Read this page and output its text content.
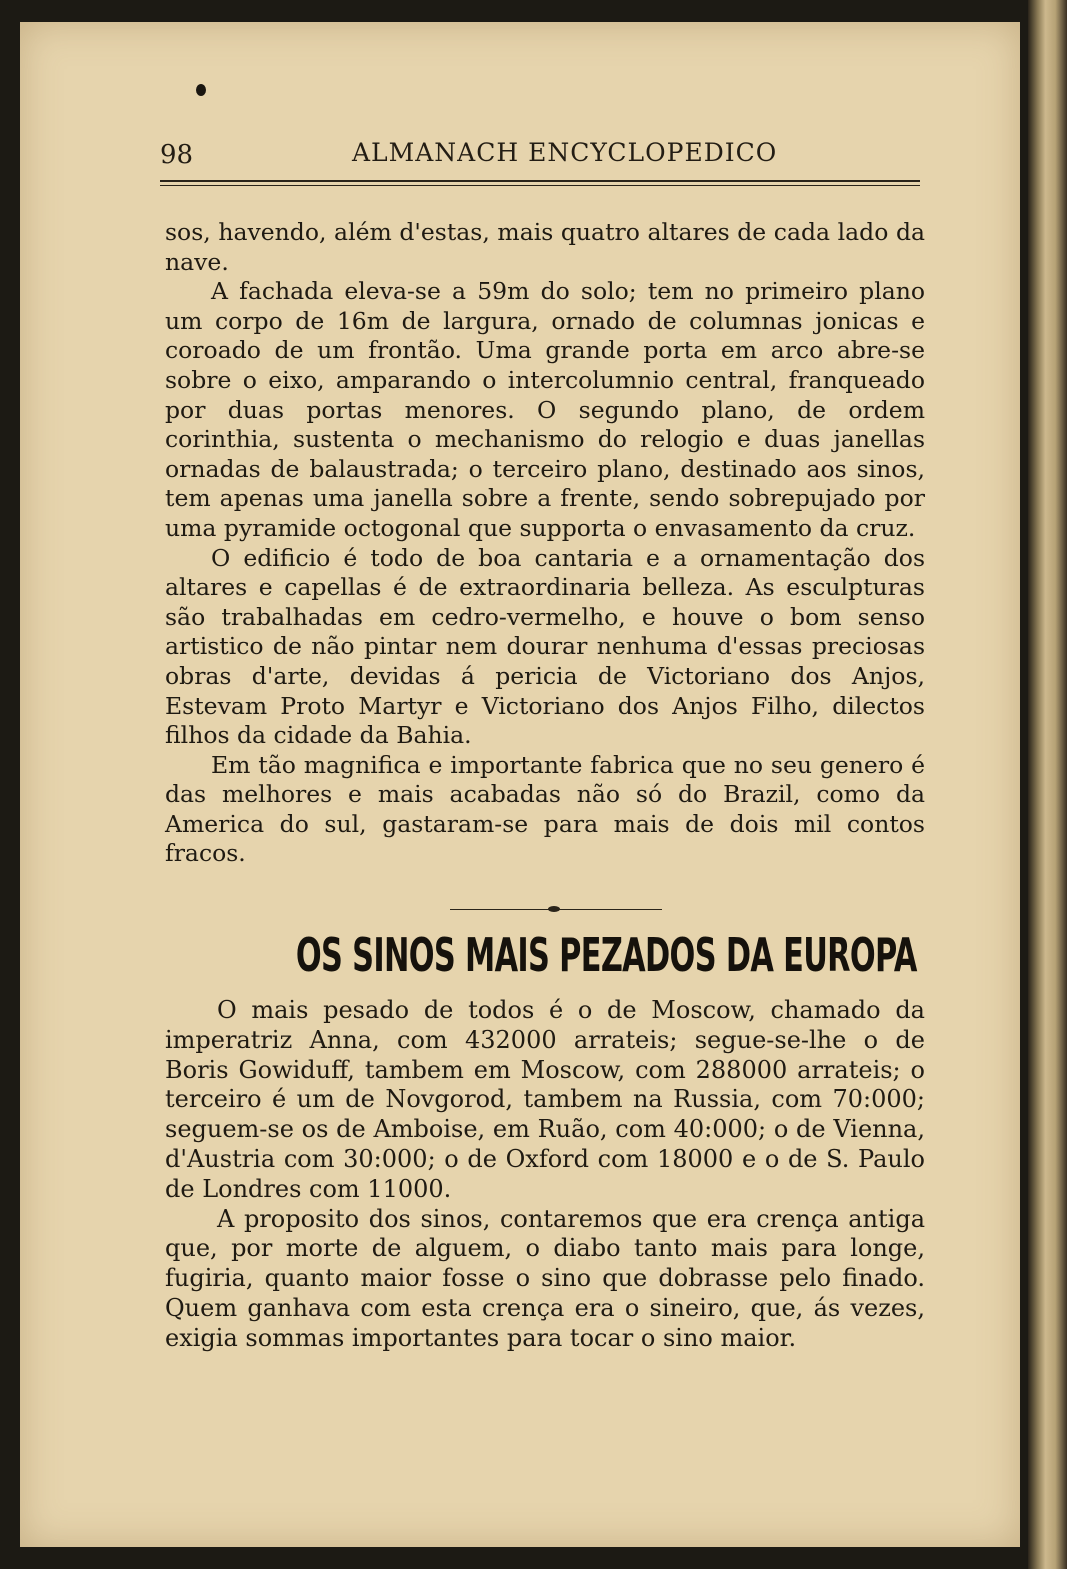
98	ALMANACH ENCYCLOPEDICO

sos, havendo, além d'estas, mais quatro altares de cada lado da nave.

A fachada eleva-se a 59m do solo; tem no primeiro plano um corpo de 16m de largura, ornado de columnas jonicas e coroado de um frontão. Uma grande porta em arco abre-se sobre o eixo, amparando o intercolumnio central, franqueado por duas portas menores. O segundo plano, de ordem corinthia, sustenta o mechanismo do relogio e duas janellas ornadas de balaustrada; o terceiro plano, destinado aos sinos, tem apenas uma janella sobre a frente, sendo sobrepujado por uma pyramide octogonal que supporta o envasamento da cruz.

O edificio é todo de boa cantaria e a ornamentação dos altares e capellas é de extraordinaria belleza. As esculpturas são trabalhadas em cedro-vermelho, e houve o bom senso artistico de não pintar nem dourar nenhuma d'essas preciosas obras d'arte, devidas á pericia de Victoriano dos Anjos, Estevam Proto Martyr e Victoriano dos Anjos Filho, dilectos filhos da cidade da Bahia.

Em tão magnifica e importante fabrica que no seu genero é das melhores e mais acabadas não só do Brazil, como da America do sul, gastaram-se para mais de dois mil contos fracos.

OS SINOS MAIS PEZADOS DA EUROPA

O mais pesado de todos é o de Moscow, chamado da imperatriz Anna, com 432000 arrateis; segue-se-lhe o de Boris Gowiduff, tambem em Moscow, com 288000 arrateis; o terceiro é um de Novgorod, tambem na Russia, com 70:000; seguem-se os de Amboise, em Ruão, com 40:000; o de Vienna, d'Austria com 30:000; o de Oxford com 18000 e o de S. Paulo de Londres com 11000.

A proposito dos sinos, contaremos que era crença antiga que, por morte de alguem, o diabo tanto mais para longe, fugiria, quanto maior fosse o sino que dobrasse pelo finado. Quem ganhava com esta crença era o sineiro, que, ás vezes, exigia sommas importantes para tocar o sino maior.
